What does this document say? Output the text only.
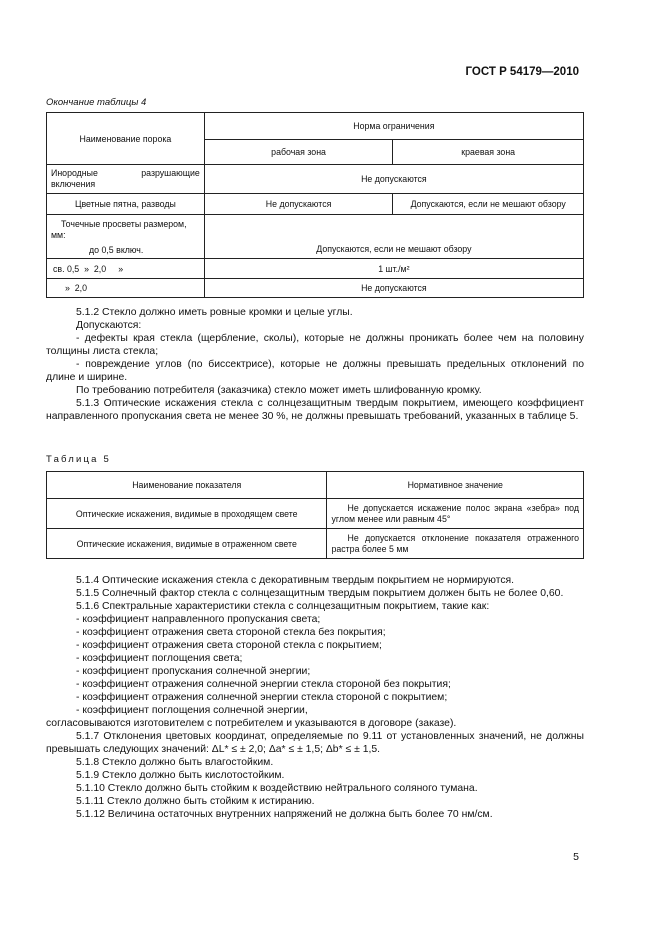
ГОСТ Р 54179—2010
Окончание таблицы 4
Наименование порока	Норма ограничения	
	рабочая зона	краевая зона
Инородные разрушающие включения	Не допускаются	
Цветные пятна, разводы	Не допускаются	Допускаются, если не мешают обзору

Точечные просветы размером, мм:
до 0,5 включ.	Допускаются, если не мешают обзору	
св. 0,5  »  2,0     »	1 шт./м²	
»  2,0	Не допускаются	
5.1.2 Стекло должно иметь ровные кромки и целые углы.
Допускаются:
- дефекты края стекла (щербление, сколы), которые не должны проникать более чем на половину толщины листа стекла;
- повреждение углов (по биссектрисе), которые не должны превышать предельных отклонений по длине и ширине.
По требованию потребителя (заказчика) стекло может иметь шлифованную кромку.
5.1.3 Оптические искажения стекла с солнцезащитным твердым покрытием, имеющего коэффициент направленного пропускания света не менее 30 %, не должны превышать требований, указанных в таблице 5.
Таблица 5
Наименование показателя	Нормативное значение
Оптические искажения, видимые в проходящем свете	Не допускается искажение полос экрана «зебра» под углом менее или равным 45°
Оптические искажения, видимые в отраженном свете	Не допускается отклонение показателя отраженного растра более 5 мм
5.1.4 Оптические искажения стекла с декоративным твердым покрытием не нормируются.
5.1.5 Солнечный фактор стекла с солнцезащитным твердым покрытием должен быть не более 0,60.
5.1.6 Спектральные характеристики стекла с солнцезащитным покрытием, такие как:
- коэффициент направленного пропускания света;
- коэффициент отражения света стороной стекла без покрытия;
- коэффициент отражения света стороной стекла с покрытием;
- коэффициент поглощения света;
- коэффициент пропускания солнечной энергии;
- коэффициент отражения солнечной энергии стекла стороной без покрытия;
- коэффициент отражения солнечной энергии стекла стороной с покрытием;
- коэффициент поглощения солнечной энергии,
согласовываются изготовителем с потребителем и указываются в договоре (заказе).
5.1.7 Отклонения цветовых координат, определяемые по 9.11 от установленных значений, не должны превышать следующих значений: ΔL* ≤ ± 2,0; Δa* ≤ ± 1,5; Δb* ≤ ± 1,5.
5.1.8 Стекло должно быть влагостойким.
5.1.9 Стекло должно быть кислотостойким.
5.1.10 Стекло должно быть стойким к воздействию нейтрального соляного тумана.
5.1.11 Стекло должно быть стойким к истиранию.
5.1.12 Величина остаточных внутренних напряжений не должна быть более 70 нм/см.
5
